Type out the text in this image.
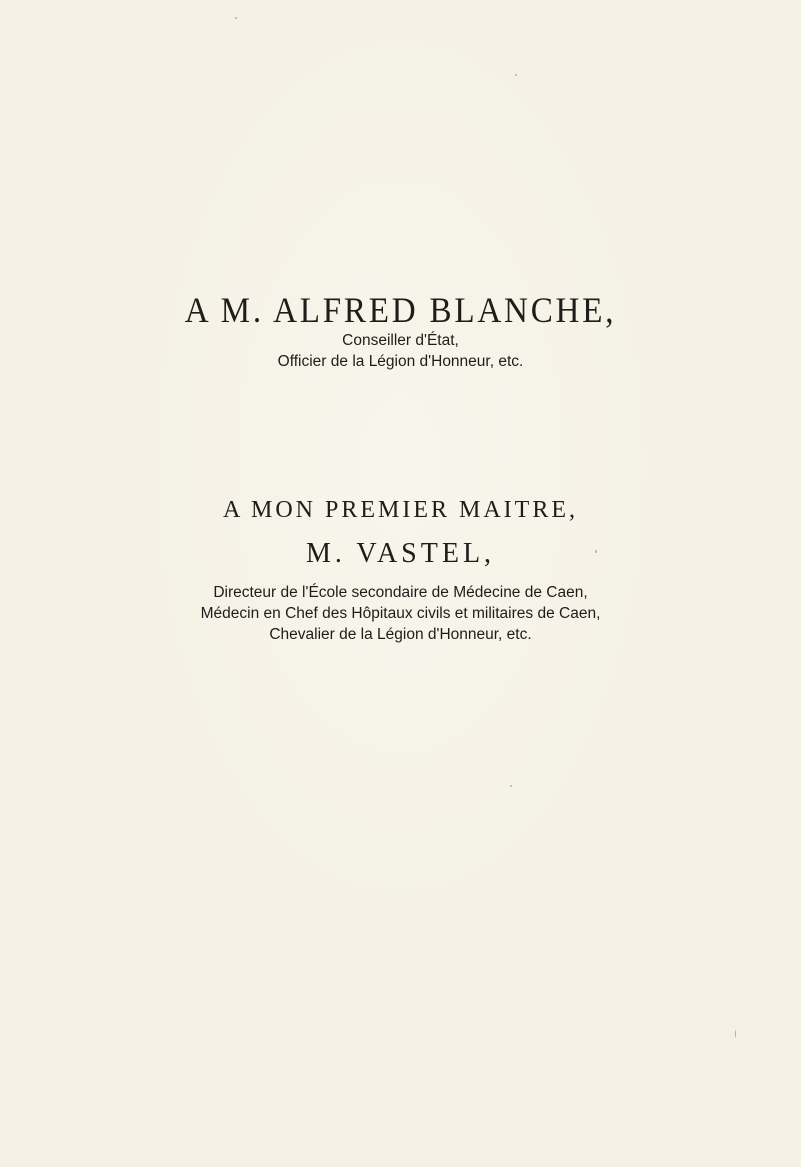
A M. ALFRED BLANCHE,
Conseiller d'État,
Officier de la Légion d'Honneur, etc.
A MON PREMIER MAITRE,
M. VASTEL,
Directeur de l'École secondaire de Médecine de Caen,
Médecin en Chef des Hôpitaux civils et militaires de Caen,
Chevalier de la Légion d'Honneur, etc.
